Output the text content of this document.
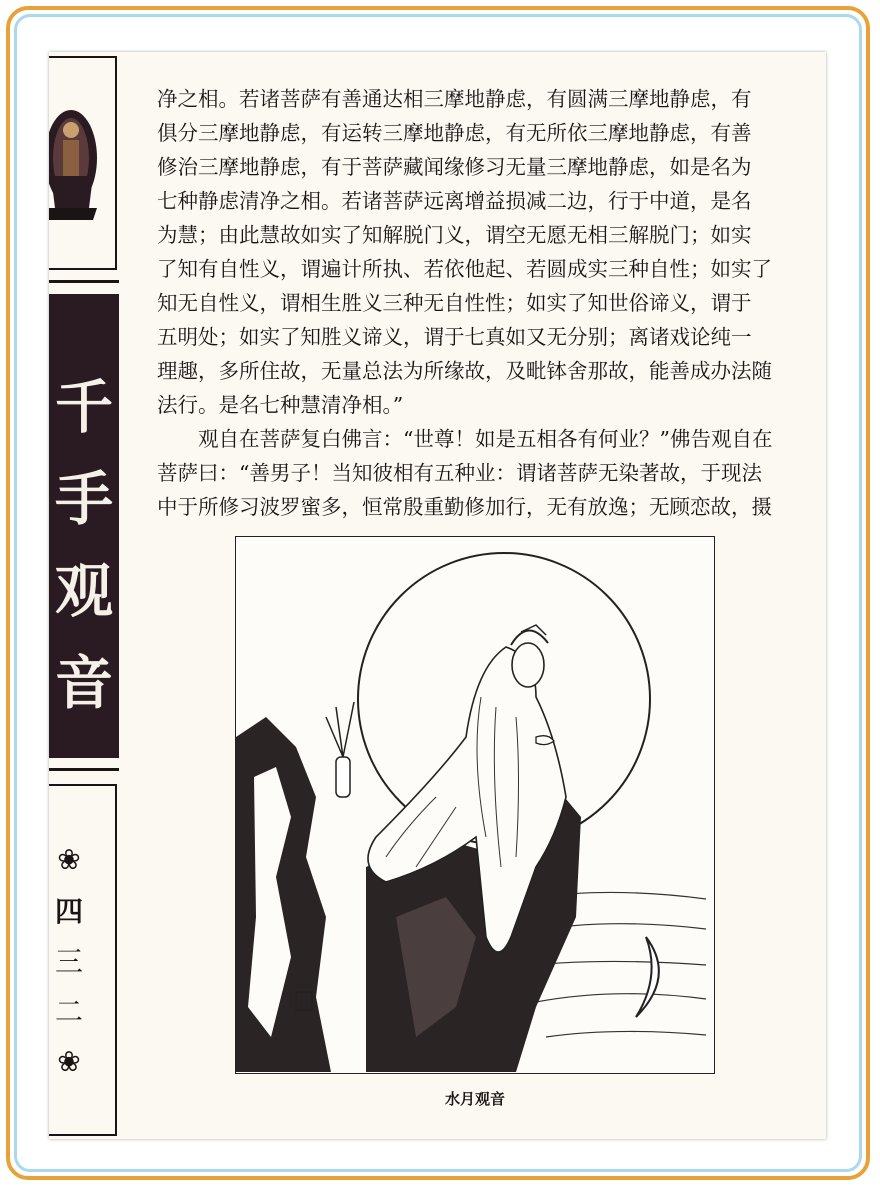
千
手
观
音
❀
四
三
二
❀
净之相。若诸菩萨有善通达相三摩地静虑，有圆满三摩地静虑，有
俱分三摩地静虑，有运转三摩地静虑，有无所依三摩地静虑，有善
修治三摩地静虑，有于菩萨藏闻缘修习无量三摩地静虑，如是名为
七种静虑清净之相。若诸菩萨远离增益损减二边，行于中道，是名
为慧；由此慧故如实了知解脱门义，谓空无愿无相三解脱门；如实
了知有自性义，谓遍计所执、若依他起、若圆成实三种自性；如实了
知无自性义，谓相生胜义三种无自性性；如实了知世俗谛义，谓于
五明处；如实了知胜义谛义，谓于七真如又无分别；离诸戏论纯一
理趣，多所住故，无量总法为所缘故，及毗钵舍那故，能善成办法随
法行。是名七种慧清净相。”
　　观自在菩萨复白佛言：“世尊！如是五相各有何业？”佛告观自在
菩萨曰：“善男子！当知彼相有五种业：谓诸菩萨无染著故，于现法
中于所修习波罗蜜多，恒常殷重勤修加行，无有放逸；无顾恋故，摄
水月观音
